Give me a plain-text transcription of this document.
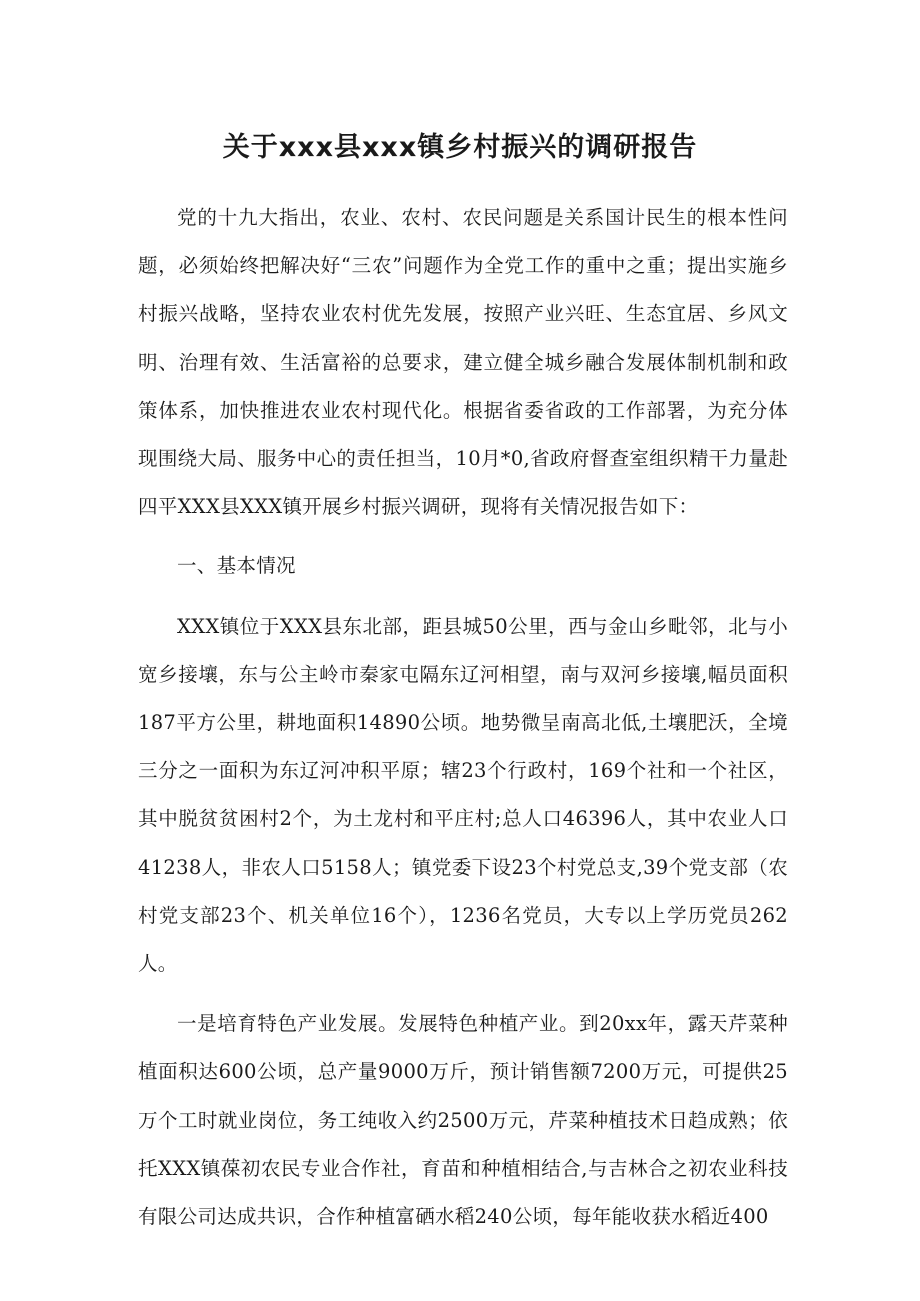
关于xxx县xxx镇乡村振兴的调研报告

党的十九大指出，农业、农村、农民问题是关系国计民生的根本性问题，必须始终把解决好“三农”问题作为全党工作的重中之重；提出实施乡村振兴战略，坚持农业农村优先发展，按照产业兴旺、生态宜居、乡风文明、治理有效、生活富裕的总要求，建立健全城乡融合发展体制机制和政策体系，加快推进农业农村现代化。根据省委省政的工作部署，为充分体现围绕大局、服务中心的责任担当，10月*0,省政府督查室组织精干力量赴四平XXX县XXX镇开展乡村振兴调研，现将有关情况报告如下：

一、基本情况

XXX镇位于XXX县东北部，距县城50公里，西与金山乡毗邻，北与小宽乡接壤，东与公主岭市秦家屯隔东辽河相望，南与双河乡接壤,幅员面积187平方公里，耕地面积14890公顷。地势微呈南高北低,土壤肥沃，全境三分之一面积为东辽河冲积平原；辖23个行政村，169个社和一个社区，其中脱贫贫困村2个，为土龙村和平庄村;总人口46396人，其中农业人口41238人，非农人口5158人；镇党委下设23个村党总支,39个党支部（农村党支部23个、机关单位16个），1236名党员，大专以上学历党员262人。

一是培育特色产业发展。发展特色种植产业。到20xx年，露天芹菜种植面积达600公顷，总产量9000万斤，预计销售额7200万元，可提供25万个工时就业岗位，务工纯收入约2500万元，芹菜种植技术日趋成熟；依托XXX镇葆初农民专业合作社，育苗和种植相结合,与吉林合之初农业科技有限公司达成共识，合作种植富硒水稻240公顷，每年能收获水稻近400
